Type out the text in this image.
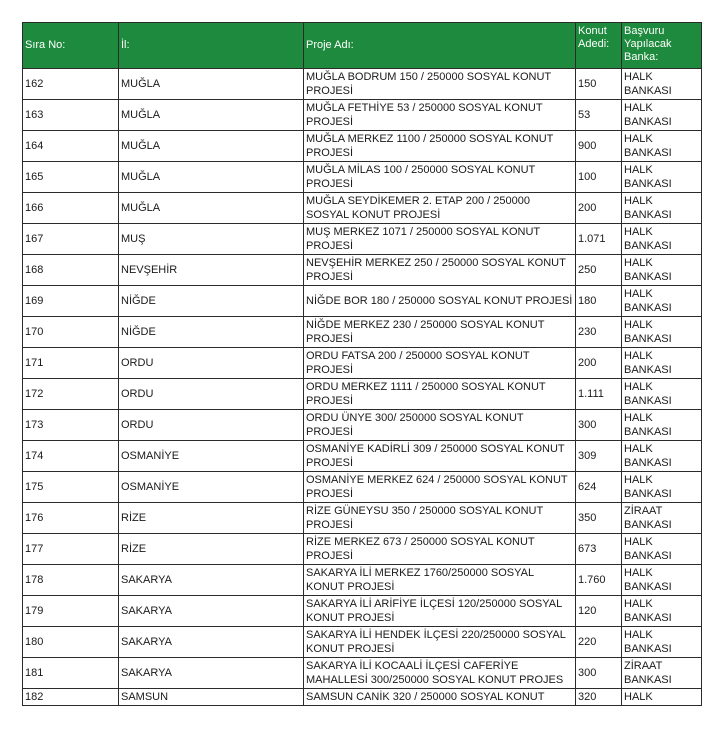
Sıra No:	İl:	Proje Adı:	Konut Adedi:	Başvuru Yapılacak Banka:
162	MUĞLA	MUĞLA BODRUM 150 / 250000 SOSYAL KONUT PROJESİ	150	HALK BANKASI
163	MUĞLA	MUĞLA FETHİYE 53 / 250000 SOSYAL KONUT PROJESİ	53	HALK BANKASI
164	MUĞLA	MUĞLA MERKEZ 1100 / 250000 SOSYAL KONUT PROJESİ	900	HALK BANKASI
165	MUĞLA	MUĞLA MİLAS 100 / 250000 SOSYAL KONUT PROJESİ	100	HALK BANKASI
166	MUĞLA	MUĞLA SEYDİKEMER 2. ETAP 200 / 250000 SOSYAL KONUT PROJESİ	200	HALK BANKASI
167	MUŞ	MUŞ MERKEZ 1071 / 250000 SOSYAL KONUT PROJESİ	1.071	HALK BANKASI
168	NEVŞEHİR	NEVŞEHİR MERKEZ 250 / 250000 SOSYAL KONUT PROJESİ	250	HALK BANKASI
169	NİĞDE	NİĞDE BOR 180 / 250000 SOSYAL KONUT PROJESİ	180	HALK BANKASI
170	NİĞDE	NİĞDE MERKEZ 230 / 250000 SOSYAL KONUT PROJESİ	230	HALK BANKASI
171	ORDU	ORDU FATSA 200 / 250000 SOSYAL KONUT PROJESİ	200	HALK BANKASI
172	ORDU	ORDU MERKEZ 1111 / 250000 SOSYAL KONUT PROJESİ	1.111	HALK BANKASI
173	ORDU	ORDU ÜNYE 300/ 250000 SOSYAL KONUT PROJESİ	300	HALK BANKASI
174	OSMANİYE	OSMANİYE KADİRLİ 309 / 250000 SOSYAL KONUT PROJESİ	309	HALK BANKASI
175	OSMANİYE	OSMANİYE MERKEZ 624 / 250000 SOSYAL KONUT PROJESİ	624	HALK BANKASI
176	RİZE	RİZE GÜNEYSU 350 / 250000 SOSYAL KONUT PROJESİ	350	ZİRAAT BANKASI
177	RİZE	RİZE MERKEZ 673 / 250000 SOSYAL KONUT PROJESİ	673	HALK BANKASI
178	SAKARYA	SAKARYA İLİ MERKEZ 1760/250000 SOSYAL KONUT PROJESİ	1.760	HALK BANKASI
179	SAKARYA	SAKARYA İLİ ARİFİYE İLÇESİ 120/250000 SOSYAL KONUT PROJESİ	120	HALK BANKASI
180	SAKARYA	SAKARYA İLİ HENDEK İLÇESİ 220/250000 SOSYAL KONUT PROJESİ	220	HALK BANKASI
181	SAKARYA	SAKARYA İLİ KOCAALİ İLÇESİ CAFERİYE MAHALLESİ 300/250000 SOSYAL KONUT PROJES	300	ZİRAAT BANKASI
182	SAMSUN	SAMSUN CANİK 320 / 250000 SOSYAL KONUT	320	HALK
